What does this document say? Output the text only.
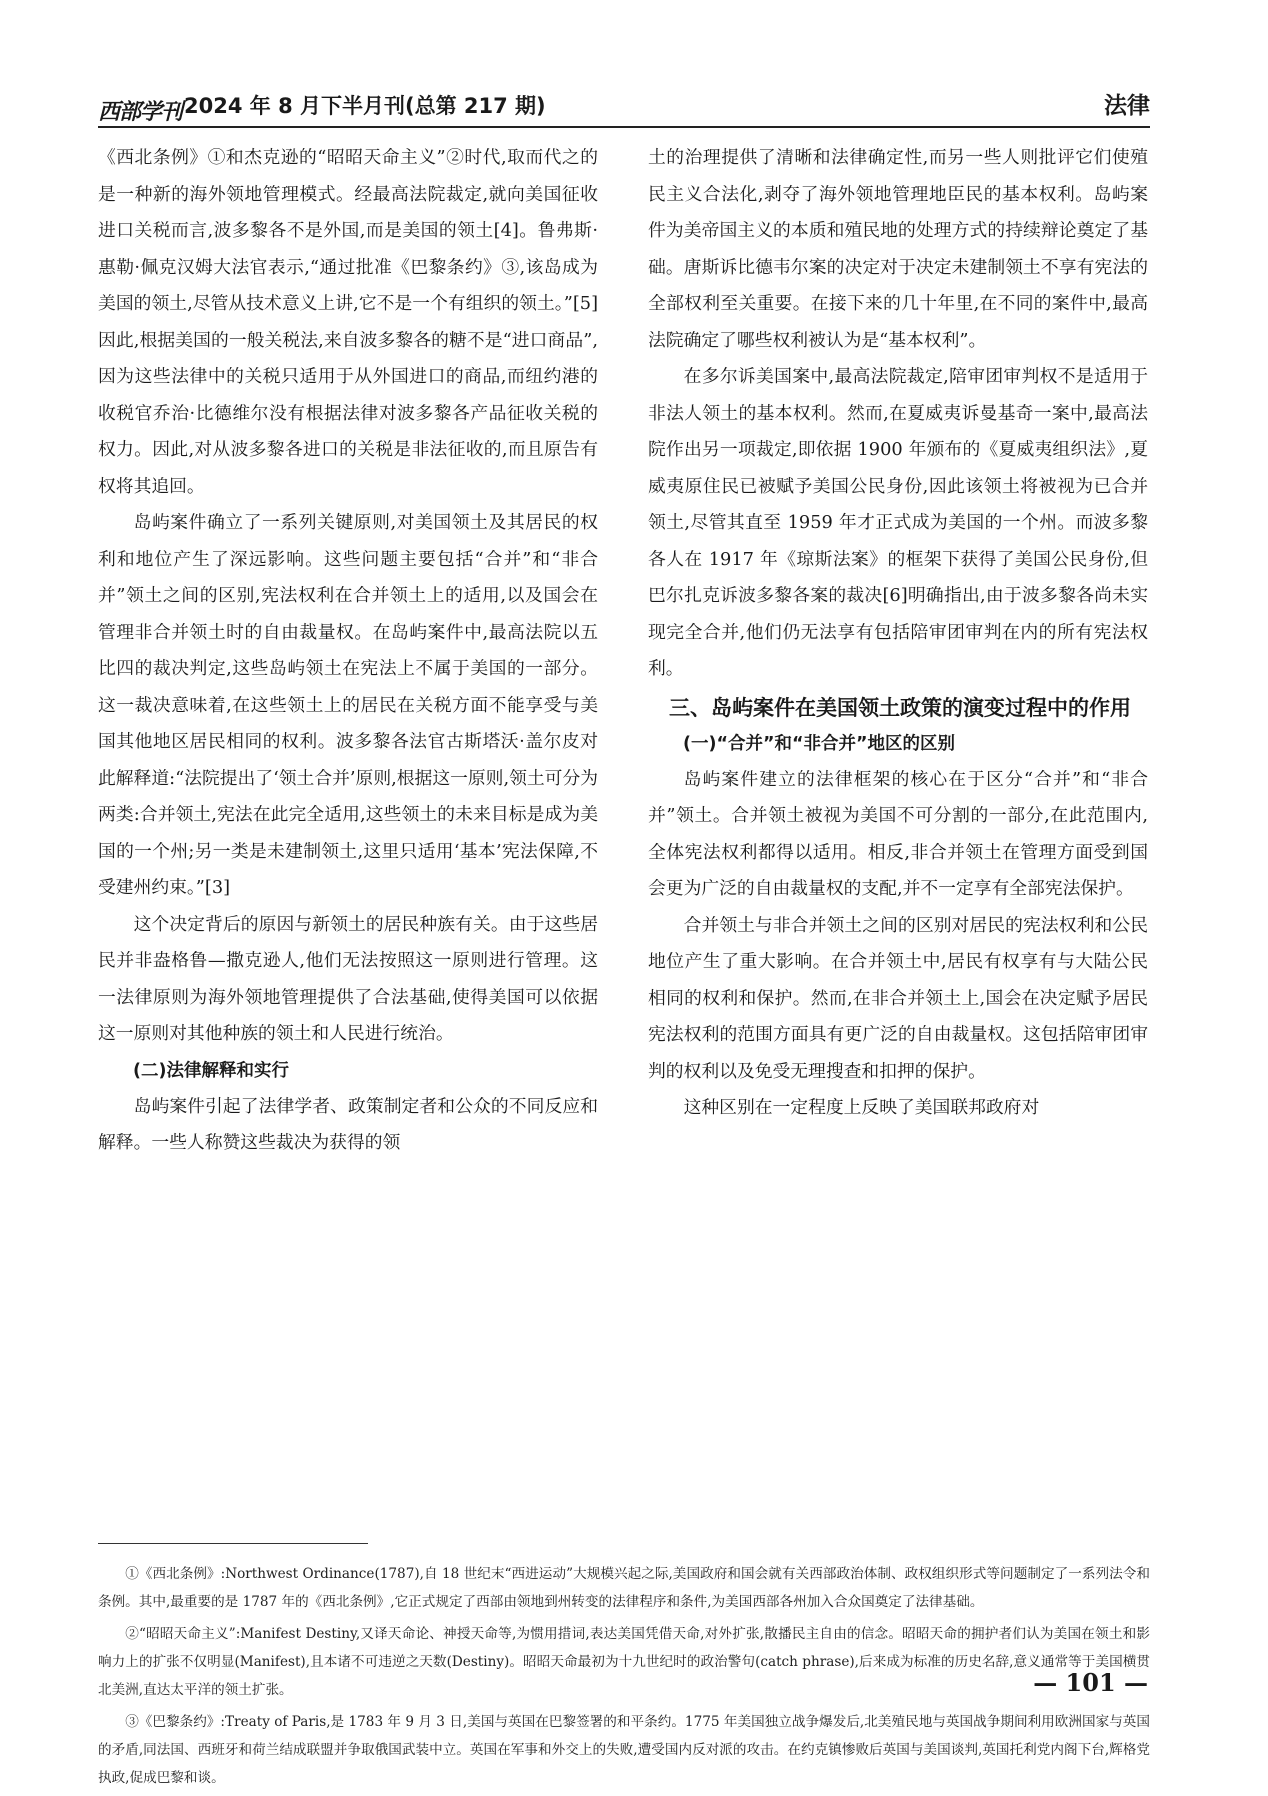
西部学刊 2024 年 8 月下半月刊(总第 217 期)	法律

《西北条例》①和杰克逊的“昭昭天命主义”②时代,取而代之的是一种新的海外领地管理模式。经最高法院裁定,就向美国征收进口关税而言,波多黎各不是外国,而是美国的领土[4]。鲁弗斯·惠勒·佩克汉姆大法官表示,“通过批准《巴黎条约》③,该岛成为美国的领土,尽管从技术意义上讲,它不是一个有组织的领土。”[5]因此,根据美国的一般关税法,来自波多黎各的糖不是“进口商品”,因为这些法律中的关税只适用于从外国进口的商品,而纽约港的收税官乔治·比德维尔没有根据法律对波多黎各产品征收关税的权力。因此,对从波多黎各进口的关税是非法征收的,而且原告有权将其追回。

岛屿案件确立了一系列关键原则,对美国领土及其居民的权利和地位产生了深远影响。这些问题主要包括“合并”和“非合并”领土之间的区别,宪法权利在合并领土上的适用,以及国会在管理非合并领土时的自由裁量权。在岛屿案件中,最高法院以五比四的裁决判定,这些岛屿领土在宪法上不属于美国的一部分。这一裁决意味着,在这些领土上的居民在关税方面不能享受与美国其他地区居民相同的权利。波多黎各法官古斯塔沃·盖尔皮对此解释道:“法院提出了‘领土合并’原则,根据这一原则,领土可分为两类:合并领土,宪法在此完全适用,这些领土的未来目标是成为美国的一个州;另一类是未建制领土,这里只适用‘基本’宪法保障,不受建州约束。”[3]

这个决定背后的原因与新领土的居民种族有关。由于这些居民并非盎格鲁—撒克逊人,他们无法按照这一原则进行管理。这一法律原则为海外领地管理提供了合法基础,使得美国可以依据这一原则对其他种族的领土和人民进行统治。

(二)法律解释和实行

岛屿案件引起了法律学者、政策制定者和公众的不同反应和解释。一些人称赞这些裁决为获得的领

土的治理提供了清晰和法律确定性,而另一些人则批评它们使殖民主义合法化,剥夺了海外领地管理地臣民的基本权利。岛屿案件为美帝国主义的本质和殖民地的处理方式的持续辩论奠定了基础。唐斯诉比德韦尔案的决定对于决定未建制领土不享有宪法的全部权利至关重要。在接下来的几十年里,在不同的案件中,最高法院确定了哪些权利被认为是“基本权利”。

在多尔诉美国案中,最高法院裁定,陪审团审判权不是适用于非法人领土的基本权利。然而,在夏威夷诉曼基奇一案中,最高法院作出另一项裁定,即依据 1900 年颁布的《夏威夷组织法》,夏威夷原住民已被赋予美国公民身份,因此该领土将被视为已合并领土,尽管其直至 1959 年才正式成为美国的一个州。而波多黎各人在 1917 年《琼斯法案》的框架下获得了美国公民身份,但巴尔扎克诉波多黎各案的裁决[6]明确指出,由于波多黎各尚未实现完全合并,他们仍无法享有包括陪审团审判在内的所有宪法权利。

三、岛屿案件在美国领土政策的演变过程中的作用
(一)“合并”和“非合并”地区的区别

岛屿案件建立的法律框架的核心在于区分“合并”和“非合并”领土。合并领土被视为美国不可分割的一部分,在此范围内,全体宪法权利都得以适用。相反,非合并领土在管理方面受到国会更为广泛的自由裁量权的支配,并不一定享有全部宪法保护。

合并领土与非合并领土之间的区别对居民的宪法权利和公民地位产生了重大影响。在合并领土中,居民有权享有与大陆公民相同的权利和保护。然而,在非合并领土上,国会在决定赋予居民宪法权利的范围方面具有更广泛的自由裁量权。这包括陪审团审判的权利以及免受无理搜查和扣押的保护。

这种区别在一定程度上反映了美国联邦政府对

①《西北条例》:Northwest Ordinance(1787),自 18 世纪末“西进运动”大规模兴起之际,美国政府和国会就有关西部政治体制、政权组织形式等问题制定了一系列法令和条例。其中,最重要的是 1787 年的《西北条例》,它正式规定了西部由领地到州转变的法律程序和条件,为美国西部各州加入合众国奠定了法律基础。

②“昭昭天命主义”:Manifest Destiny,又译天命论、神授天命等,为惯用措词,表达美国凭借天命,对外扩张,散播民主自由的信念。昭昭天命的拥护者们认为美国在领土和影响力上的扩张不仅明显(Manifest),且本诸不可违逆之天数(Destiny)。昭昭天命最初为十九世纪时的政治警句(catch phrase),后来成为标准的历史名辞,意义通常等于美国横贯北美洲,直达太平洋的领土扩张。

③《巴黎条约》:Treaty of Paris,是 1783 年 9 月 3 日,美国与英国在巴黎签署的和平条约。1775 年美国独立战争爆发后,北美殖民地与英国战争期间利用欧洲国家与英国的矛盾,同法国、西班牙和荷兰结成联盟并争取俄国武装中立。英国在军事和外交上的失败,遭受国内反对派的攻击。在约克镇惨败后英国与美国谈判,英国托利党内阁下台,辉格党执政,促成巴黎和谈。

— 101 —
